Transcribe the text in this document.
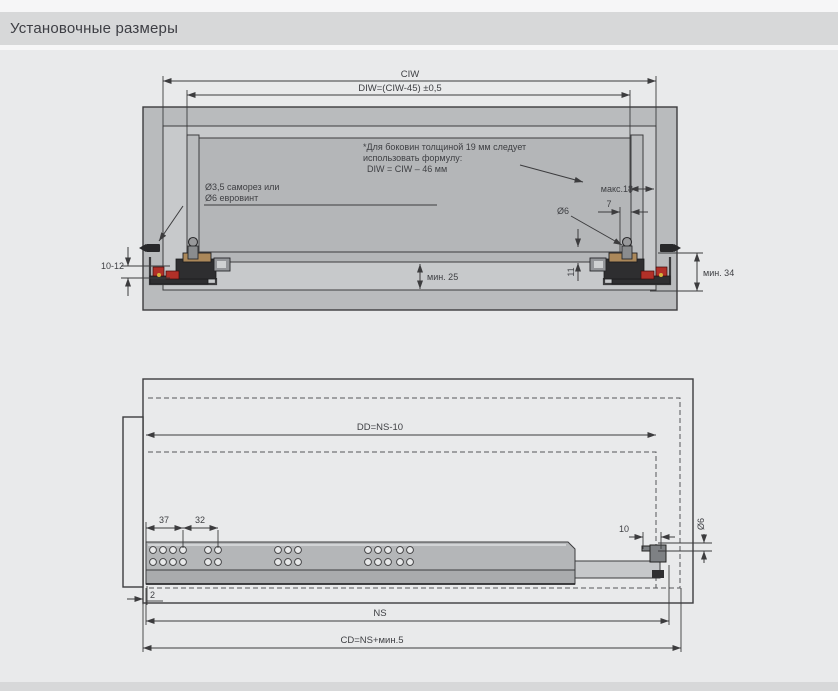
Установочные размеры
CIW
DIW=(CIW-45) ±0,5
*Для боковин толщиной 19 мм следует
использовать формулу:
DIW = CIW – 46 мм
Ø3,5 саморез или
Ø6 евровинт
макс.18
7
Ø6
мин. 25	11	мин. 34
10-12
DD=NS-10
37	32
10	Ø6
2
NS
CD=NS+мин.5
